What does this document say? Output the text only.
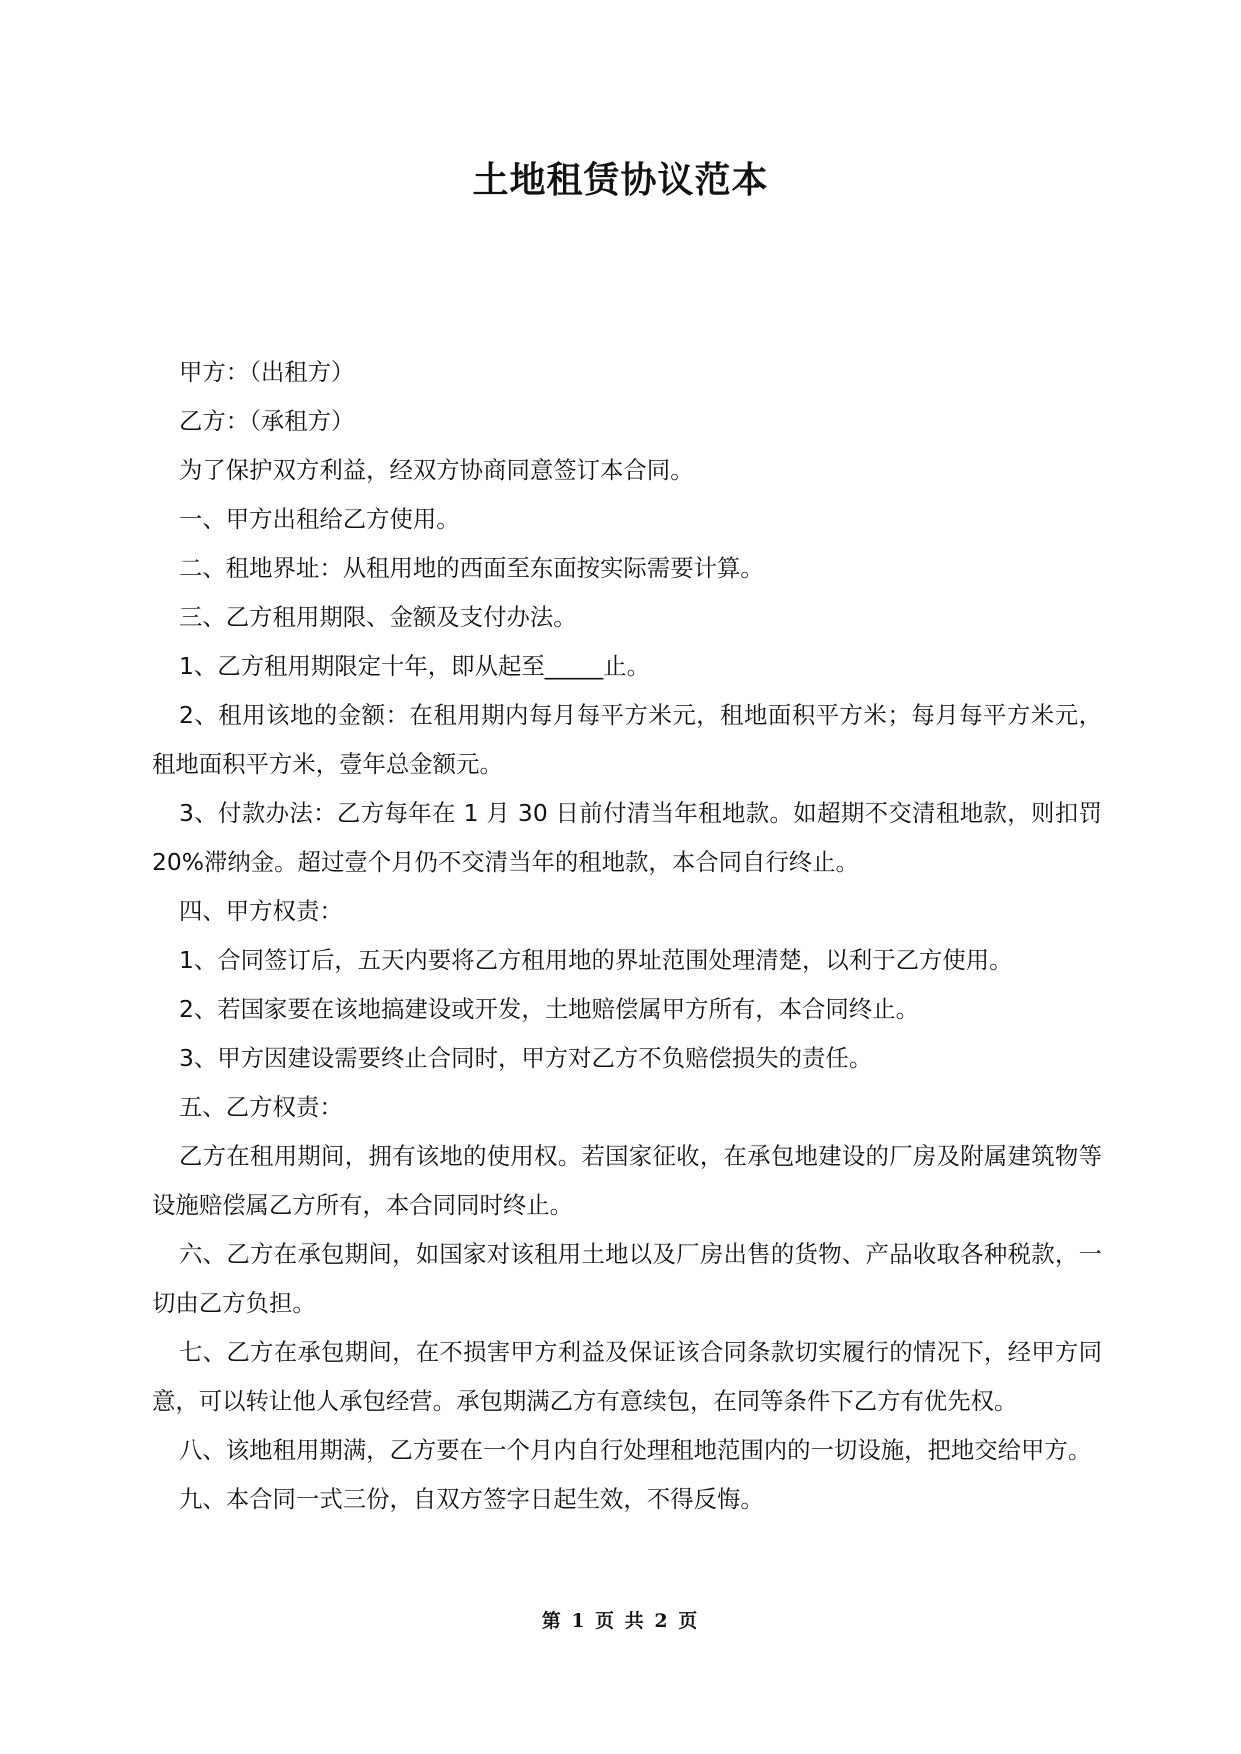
土地租赁协议范本

甲方：（出租方）

乙方：（承租方）

为了保护双方利益，经双方协商同意签订本合同。

一、甲方出租给乙方使用。

二、租地界址：从租用地的西面至东面按实际需要计算。

三、乙方租用期限、金额及支付办法。

1、乙方租用期限定十年，即从起至_____止。

2、租用该地的金额：在租用期内每月每平方米元，租地面积平方米；每月每平方米元，租地面积平方米，壹年总金额元。

3、付款办法：乙方每年在 1 月 30 日前付清当年租地款。如超期不交清租地款，则扣罚 20%滞纳金。超过壹个月仍不交清当年的租地款，本合同自行终止。

四、甲方权责：

1、合同签订后，五天内要将乙方租用地的界址范围处理清楚，以利于乙方使用。

2、若国家要在该地搞建设或开发，土地赔偿属甲方所有，本合同终止。

3、甲方因建设需要终止合同时，甲方对乙方不负赔偿损失的责任。

五、乙方权责：

乙方在租用期间，拥有该地的使用权。若国家征收，在承包地建设的厂房及附属建筑物等设施赔偿属乙方所有，本合同同时终止。

六、乙方在承包期间，如国家对该租用土地以及厂房出售的货物、产品收取各种税款，一切由乙方负担。

七、乙方在承包期间，在不损害甲方利益及保证该合同条款切实履行的情况下，经甲方同意，可以转让他人承包经营。承包期满乙方有意续包，在同等条件下乙方有优先权。

八、该地租用期满，乙方要在一个月内自行处理租地范围内的一切设施，把地交给甲方。

九、本合同一式三份，自双方签字日起生效，不得反悔。

第 1 页 共 2 页
